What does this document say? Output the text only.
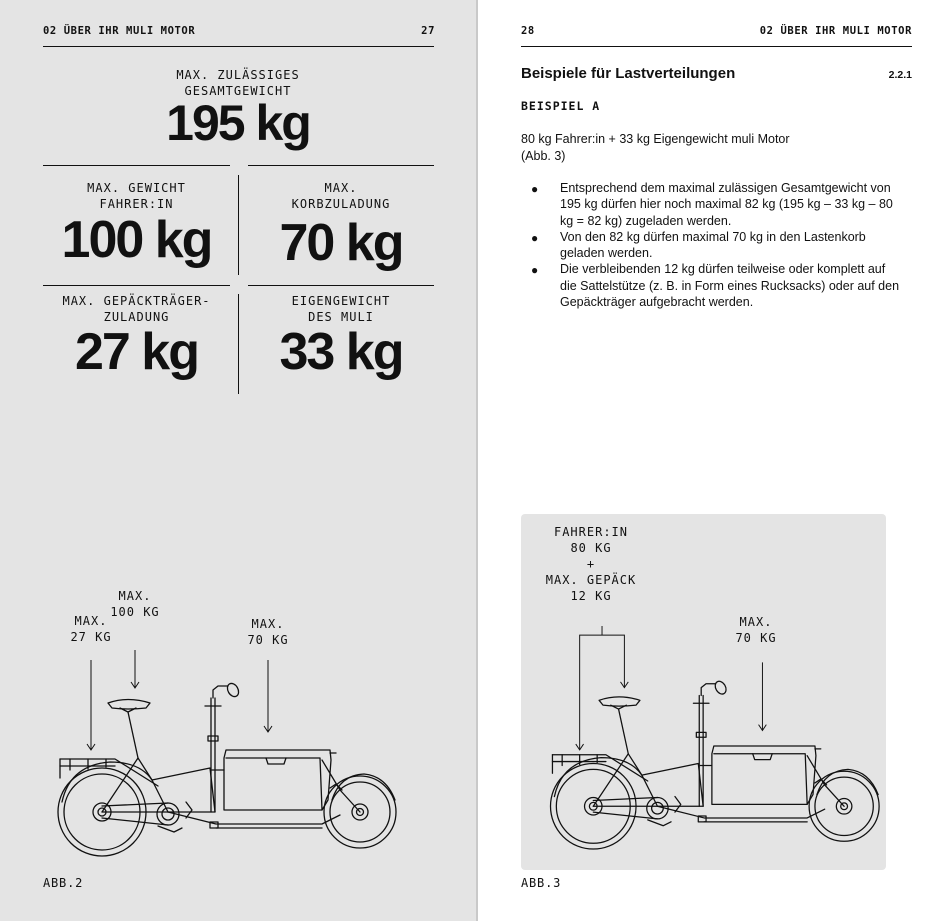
02 ÜBER IHR MULI MOTOR	27
MAX. ZULÄSSIGES
GESAMTGEWICHT
195 kg
MAX. GEWICHT
FAHRER:IN
100 kg
MAX.
KORBZULADUNG
70 kg
MAX. GEPÄCKTRÄGER-
ZULADUNG
27 kg
EIGENGEWICHT
DES MULI
33 kg
MAX.
100 KG
MAX.
27 KG
MAX.
70 KG
ABB.2
28	02 ÜBER IHR MULI MOTOR
Beispiele für Lastverteilungen	2.2.1
BEISPIEL A
80 kg Fahrer:in + 33 kg Eigengewicht muli Motor
(Abb. 3)
● Entsprechend dem maximal zulässigen Gesamtgewicht von 195 kg dürfen hier noch maximal 82 kg (195 kg – 33 kg – 80 kg = 82 kg) zugeladen werden.
● Von den 82 kg dürfen maximal 70 kg in den Lastenkorb geladen werden.
● Die verbleibenden 12 kg dürfen teilweise oder komplett auf die Sattelstütze (z. B. in Form eines Rucksacks) oder auf den Gepäckträger aufgebracht werden.
FAHRER:IN
80 KG
+
MAX. GEPÄCK
12 KG
MAX.
70 KG
ABB.3
